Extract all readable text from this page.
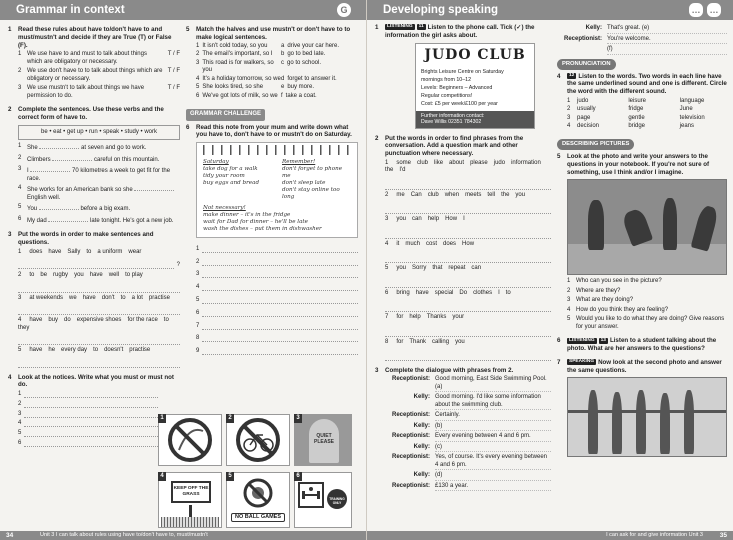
Grammar in context	G
1	Read these rules about have to/don't have to and must/mustn't and decide if they are True (T) or False (F).
1 We use have to and must to talk about things which are obligatory or necessary.
T / F
2 We use don't have to to talk about things which are obligatory or necessary.
T / F
3 We use mustn't to talk about things we have permission to do.
T / F
2	Complete the sentences. Use these verbs and the correct form of have to.
be • eat • get up • run • speak • study • work
1 She	at seven and go to work.
2 Climbers	careful on this mountain.
3 I	70 kilometres a week to get fit for the race.
4 She works for an American bank so she  English well.
5 You	before a big exam.
6 My dad	late tonight. He's got a new job.
3	Put the words in order to make sentences and questions.
1 does have Sally to a uniform wear
?
2 to be rugby you have well to play
3 at weekends we have don't to a lot practise
4 have buy do expensive shoes for the race to
they
5 have he every day to doesn't practise
4	Look at the notices. Write what you must or must not do.
1
2
3
4
5
6
1	2	3
QUIET PLEASE
4
KEEP OFF THE GRASS
5
NO BALL GAMES
6
TRAINING ONLY
5	Match the halves and use mustn't or don't have to to make logical sentences.
1 It isn't cold today, so you a drive your car here.
2 The email's important, so I b go to bed late.
3 This road is for walkers, so you
c go to school.
4 It's a holiday tomorrow, so we d forget to answer it.
5 She looks tired, so she	e buy more.
6 We've got lots of milk, so we f take a coat.
GRAMMAR CHALLENGE
6	Read this note from your mum and write down what you have to, don't have to or mustn't do on Saturday.
Saturday
take dog for a walk
tidy your room
buy eggs and bread
Remember!
don't forget to phone me
don't sleep late
don't stay online too long
Not necessary!
make dinner – it's in the fridge
wait for Dad for dinner – he'll be late
wash the dishes – put them in dishwasher
1
2
3
4
5
6
7
8
9
34	Unit 3 I can talk about rules using have to/don't have to, must/mustn't
Developing speaking	… …
1	LISTENING 11 Listen to the phone call. Tick (✓) the information the girl asks about.
JUDO CLUB
Brights Leisure Centre on Saturday
mornings from 10–12
Levels: Beginners – Advanced
Regular competitions!
Cost: £5 per week/£100 per year
Further information contact:
Dave Willis 02351 784302
2	Put the words in order to find phrases from the conversation. Add a question mark and other punctuation where necessary.
1 some club like about please judo information
the I'd
2 me Can club when meets tell the you
3 you can help How I
4 it much cost does How
5 you Sorry that repeat can
6 bring have special Do clothes I to
7 for help Thanks your
8 for Thank calling you
3	Complete the dialogue with phrases from 2.
Receptionist: Good morning, East Side Swimming Pool. (a)
Kelly: Good morning. I'd like some information about the swimming club.
Receptionist: Certainly.
Kelly: (b)
Receptionist: Every evening between 4 and 6 pm.
Kelly: (c)
Receptionist: Yes, of course. It's every evening between 4 and 6 pm.
Kelly: (d)
Receptionist: £130 a year.
Kelly: That's great. (e)
Receptionist: You're welcome.
(f)
PRONUNCIATION
4	12 Listen to the words. Two words in each line have the same underlined sound and one is different. Circle the word with the different sound.
1	judo	leisure	language
2	usually	fridge	June
3	page	gentle	television
4	decision	bridge	jeans
DESCRIBING PICTURES
5	Look at the photo and write your answers to the questions in your notebook. If you're not sure of something, use I think and/or I imagine.
1 Who can you see in the picture?
2 Where are they?
3 What are they doing?
4 How do you think they are feeling?
5 Would you like to do what they are doing? Give reasons for your answer.
6	LISTENING 13 Listen to a student talking about the photo. What are her answers to the questions?
7	SPEAKING Now look at the second photo and answer the same questions.
I can ask for and give information Unit 3	35
